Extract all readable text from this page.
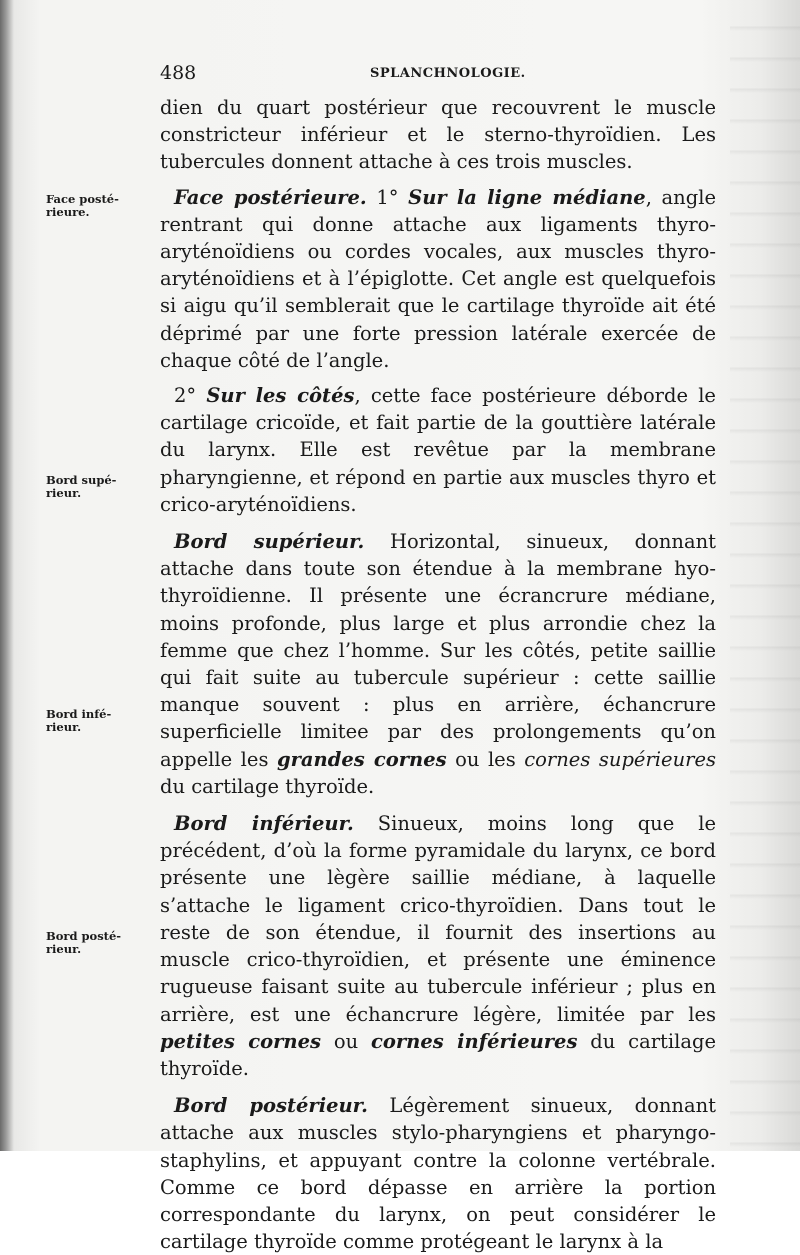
488	SPLANCHNOLOGIE.
Face posté-
rieure.
Bord supé-
rieur.
Bord infé-
rieur.
Bord posté-
rieur.

dien du quart postérieur que recouvrent le muscle constricteur inférieur et le sterno-thyroïdien. Les tubercules donnent attache à ces trois muscles.

Face postérieure. 1° Sur la ligne médiane, angle rentrant qui donne attache aux ligaments thyro-aryténoïdiens ou cordes vocales, aux muscles thyro-aryténoïdiens et à l’épiglotte. Cet angle est quelquefois si aigu qu’il semblerait que le cartilage thyroïde ait été déprimé par une forte pression latérale exercée de chaque côté de l’angle.

2° Sur les côtés, cette face postérieure déborde le cartilage cricoïde, et fait partie de la gouttière latérale du larynx. Elle est revêtue par la membrane pharyngienne, et répond en partie aux muscles thyro et crico-aryténoïdiens.

Bord supérieur. Horizontal, sinueux, donnant attache dans toute son étendue à la membrane hyo-thyroïdienne. Il présente une écrancrure médiane, moins profonde, plus large et plus arrondie chez la femme que chez l’homme. Sur les côtés, petite saillie qui fait suite au tubercule supérieur : cette saillie manque souvent : plus en arrière, échancrure superficielle limitee par des prolongements qu’on appelle les grandes cornes ou les cornes supérieures du cartilage thyroïde.

Bord inférieur. Sinueux, moins long que le précédent, d’où la forme pyramidale du larynx, ce bord présente une lègère saillie médiane, à laquelle s’attache le ligament crico-thyroïdien. Dans tout le reste de son étendue, il fournit des insertions au muscle crico-thyroïdien, et présente une éminence rugueuse faisant suite au tubercule inférieur ; plus en arrière, est une échancrure légère, limitée par les petites cornes ou cornes inférieures du cartilage thyroïde.

Bord postérieur. Légèrement sinueux, donnant attache aux muscles stylo-pharyngiens et pharyngo-staphylins, et appuyant contre la colonne vertébrale. Comme ce bord dépasse en arrière la portion correspondante du larynx, on peut considérer le cartilage thyroïde comme protégeant le larynx à la
